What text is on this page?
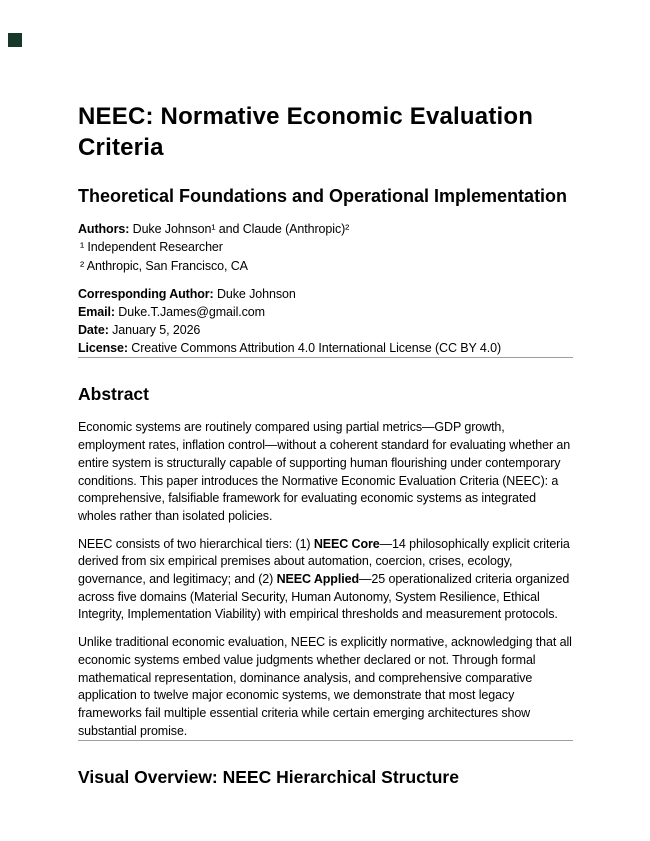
NEEC: Normative Economic Evaluation Criteria
Theoretical Foundations and Operational Implementation

Authors: Duke Johnson¹ and Claude (Anthropic)²

¹ Independent Researcher

² Anthropic, San Francisco, CA

Corresponding Author: Duke Johnson

Email: Duke.T.James@gmail.com

Date: January 5, 2026

License: Creative Commons Attribution 4.0 International License (CC BY 4.0)

Abstract

Economic systems are routinely compared using partial metrics—GDP growth, employment rates, inflation control—without a coherent standard for evaluating whether an entire system is structurally capable of supporting human flourishing under contemporary conditions. This paper introduces the Normative Economic Evaluation Criteria (NEEC): a comprehensive, falsifiable framework for evaluating economic systems as integrated wholes rather than isolated policies.

NEEC consists of two hierarchical tiers: (1) NEEC Core—14 philosophically explicit criteria derived from six empirical premises about automation, coercion, crises, ecology, governance, and legitimacy; and (2) NEEC Applied—25 operationalized criteria organized across five domains (Material Security, Human Autonomy, System Resilience, Ethical Integrity, Implementation Viability) with empirical thresholds and measurement protocols.

Unlike traditional economic evaluation, NEEC is explicitly normative, acknowledging that all economic systems embed value judgments whether declared or not. Through formal mathematical representation, dominance analysis, and comprehensive comparative application to twelve major economic systems, we demonstrate that most legacy frameworks fail multiple essential criteria while certain emerging architectures show substantial promise.

Visual Overview: NEEC Hierarchical Structure
